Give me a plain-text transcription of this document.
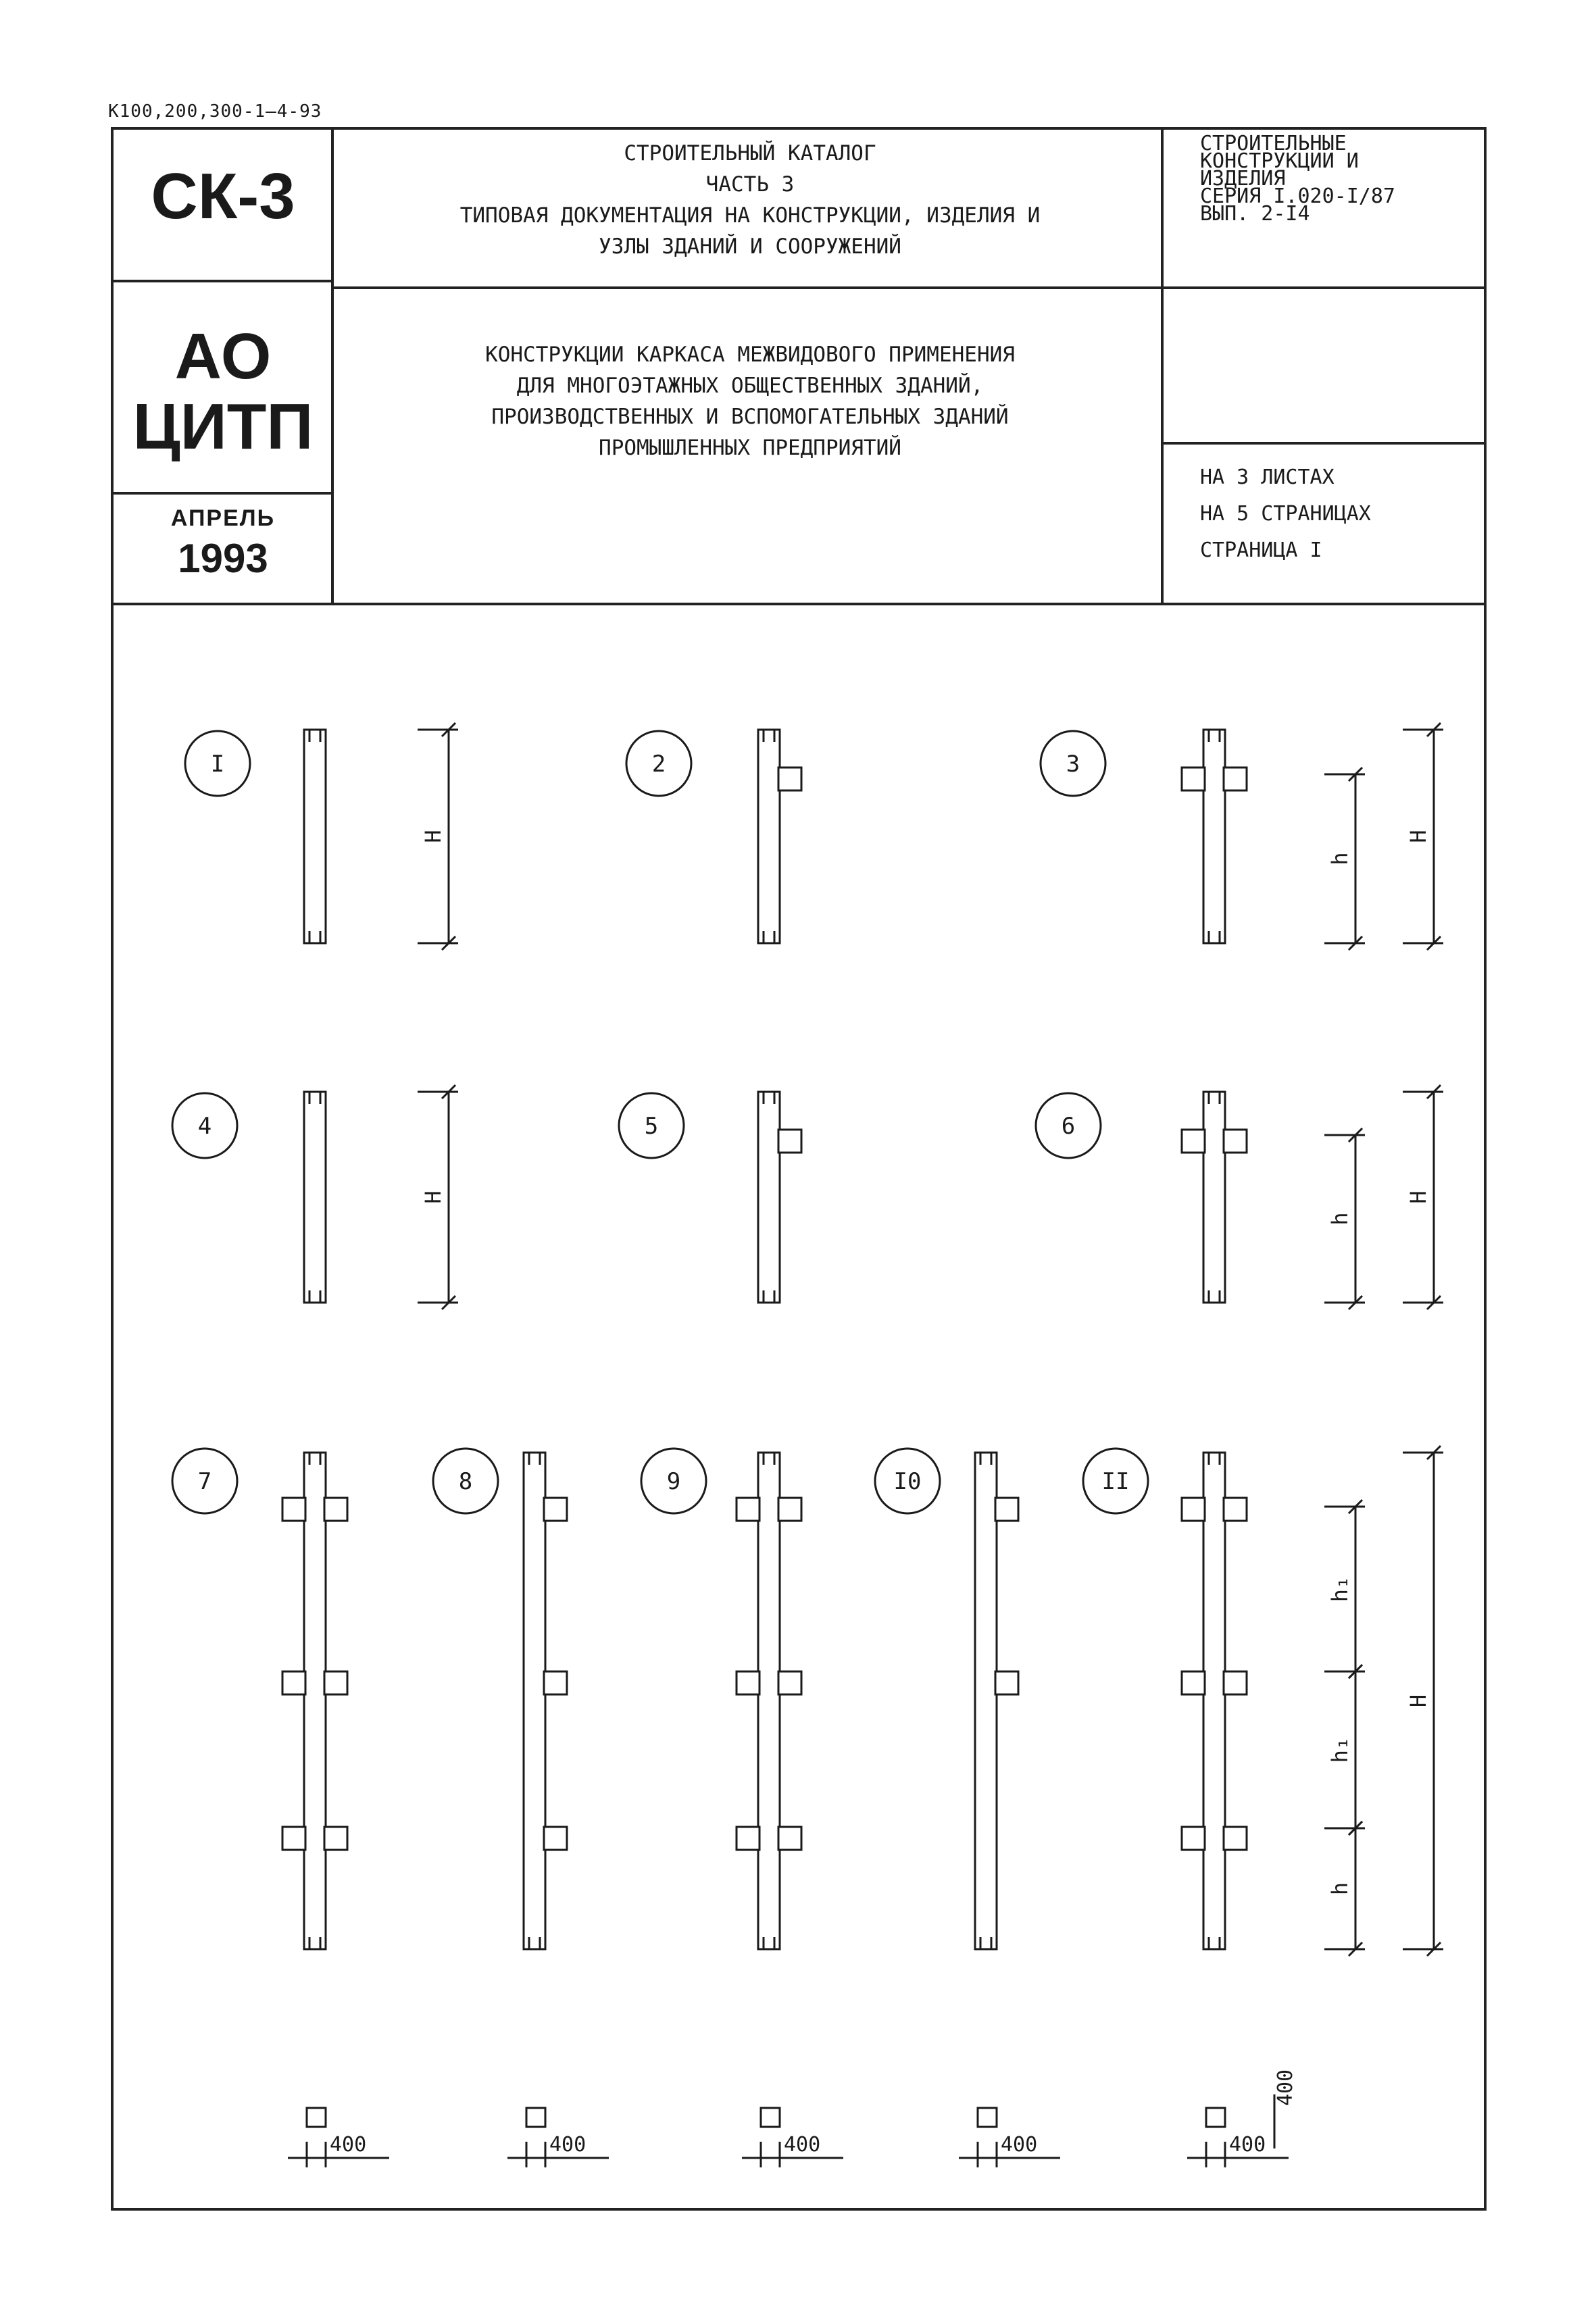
К100,200,300-1—4-93
СК-3
АО
ЦИТП
АПРЕЛЬ
1993
СТРОИТЕЛЬНЫЙ КАТАЛОГ
ЧАСТЬ 3
ТИПОВАЯ ДОКУМЕНТАЦИЯ НА КОНСТРУКЦИИ, ИЗДЕЛИЯ И
УЗЛЫ ЗДАНИЙ И СООРУЖЕНИЙ
СТРОИТЕЛЬНЫЕ
КОНСТРУКЦИИ И
ИЗДЕЛИЯ
СЕРИЯ I.020-I/87
ВЫП. 2-I4
КОНСТРУКЦИИ КАРКАСА МЕЖВИДОВОГО ПРИМЕНЕНИЯ
ДЛЯ МНОГОЭТАЖНЫХ ОБЩЕСТВЕННЫХ ЗДАНИЙ,
ПРОИЗВОДСТВЕННЫХ И ВСПОМОГАТЕЛЬНЫХ ЗДАНИЙ
ПРОМЫШЛЕННЫХ ПРЕДПРИЯТИЙ
НА 3 ЛИСТАХ
НА 5 СТРАНИЦАХ
СТРАНИЦА I
I
H
2	3
h
H
4
H
5	6
h
H
7	8	9	I0	II
h₁
h₁
h
H
400	400	400	400	400
400
